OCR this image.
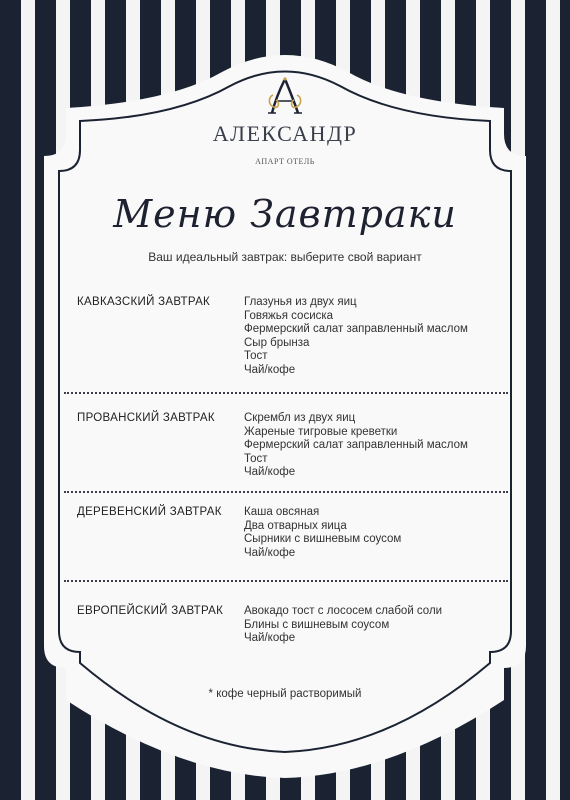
АЛЕКСАНДР
АПАРТ ОТЕЛЬ
Меню Завтраки
Ваш идеальный завтрак: выберите свой вариант
КАВКАЗСКИЙ ЗАВТРАК	Глазунья из двух яиц
Говяжья сосиска
Фермерский салат заправленный маслом
Сыр брынза
Тост
Чай/кофе
ПРОВАНСКИЙ ЗАВТРАК	Скрембл из двух яиц
Жареные тигровые креветки
Фермерский салат заправленный маслом
Тост
Чай/кофе
ДЕРЕВЕНСКИЙ ЗАВТРАК Каша овсяная
Два отварных яица
Сырники с вишневым соусом
Чай/кофе
ЕВРОПЕЙСКИЙ ЗАВТРАК Авокадо тост с лососем слабой соли
Блины с вишневым соусом
Чай/кофе
* кофе черный растворимый
